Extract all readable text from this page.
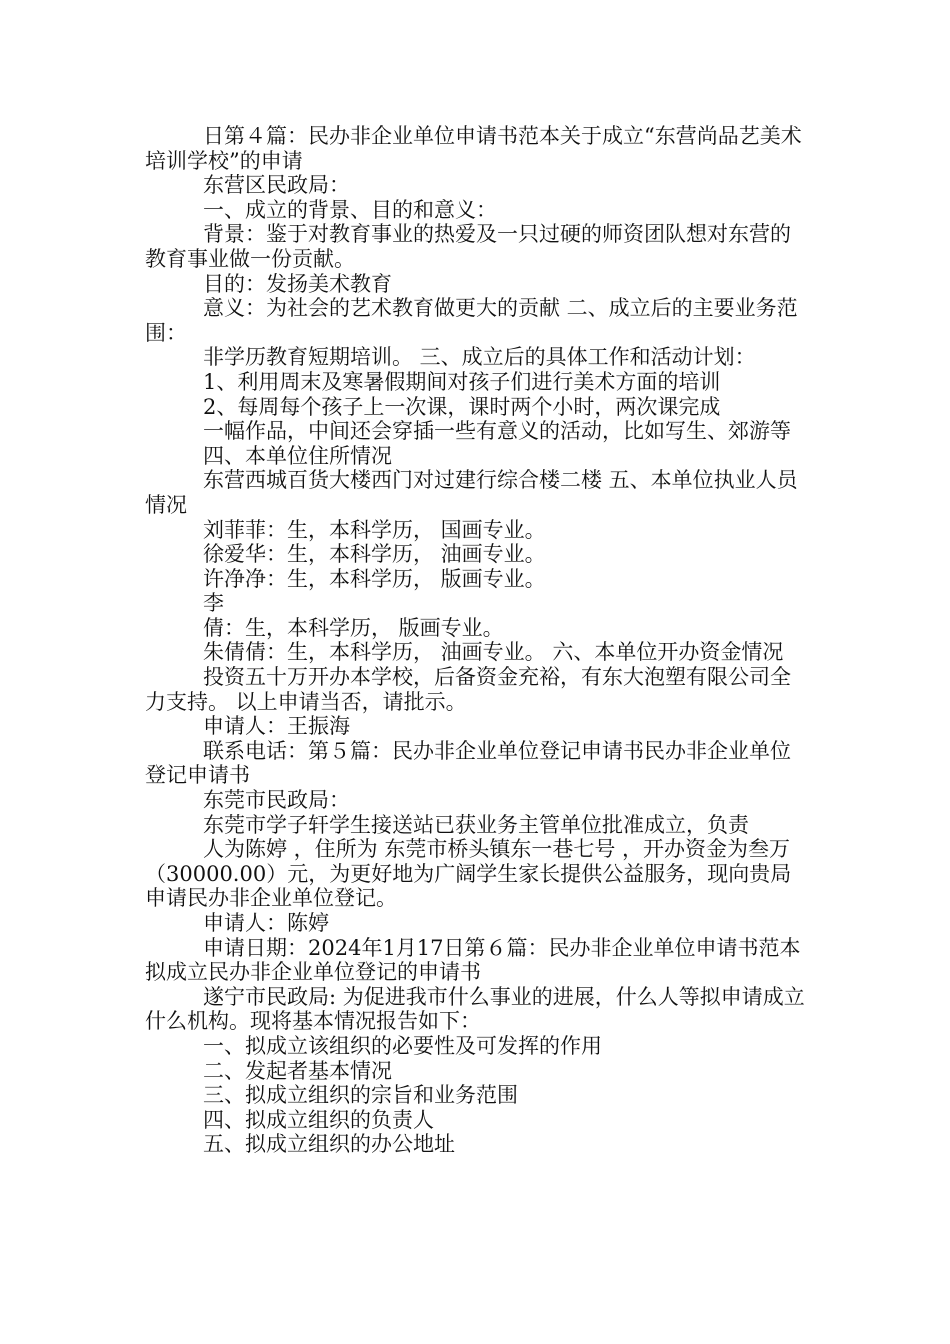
日第４篇：民办非企业单位申请书范本关于成立“东营尚品艺美术培训学校”的申请

东营区民政局：

一、成立的背景、目的和意义：

背景：鉴于对教育事业的热爱及一只过硬的师资团队想对东营的教育事业做一份贡献。

目的：发扬美术教育

意义：为社会的艺术教育做更大的贡献 二、成立后的主要业务范围：

非学历教育短期培训。 三、成立后的具体工作和活动计划：

1、利用周末及寒暑假期间对孩子们进行美术方面的培训

2、每周每个孩子上一次课，课时两个小时，两次课完成

一幅作品，中间还会穿插一些有意义的活动，比如写生、郊游等

四、本单位住所情况

东营西城百货大楼西门对过建行综合楼二楼 五、本单位执业人员情况

刘菲菲：生，本科学历， 国画专业。

徐爱华：生，本科学历， 油画专业。

许净净：生，本科学历， 版画专业。

李

倩：生，本科学历， 版画专业。

朱倩倩：生，本科学历， 油画专业。 六、本单位开办资金情况

投资五十万开办本学校，后备资金充裕，有东大泡塑有限公司全力支持。 以上申请当否，请批示。

申请人：王振海

联系电话：第５篇：民办非企业单位登记申请书民办非企业单位登记申请书

东莞市民政局：

东莞市学子轩学生接送站已获业务主管单位批准成立，负责

人为陈婷 ，住所为 东莞市桥头镇东一巷七号 ，开办资金为叁万（30000.00）元，为更好地为广阔学生家长提供公益服务，现向贵局申请民办非企业单位登记。

申请人：陈婷

申请日期：2024年1月17日第６篇：民办非企业单位申请书范本拟成立民办非企业单位登记的申请书

遂宁市民政局: 为促进我市什么事业的进展，什么人等拟申请成立什么机构。现将基本情况报告如下：

一、拟成立该组织的必要性及可发挥的作用

二、发起者基本情况

三、拟成立组织的宗旨和业务范围

四、拟成立组织的负责人

五、拟成立组织的办公地址
